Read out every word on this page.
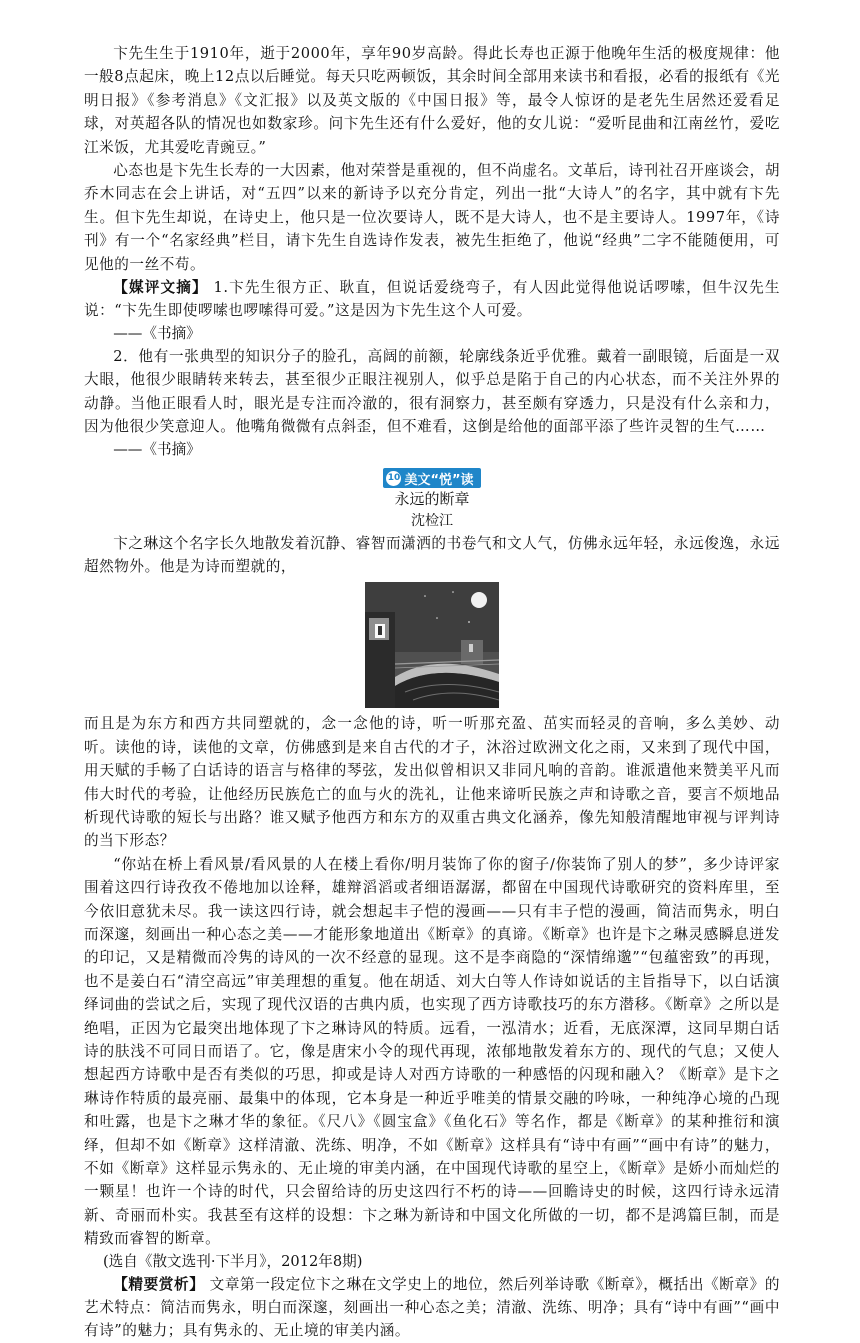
卞先生生于1910年，逝于2000年，享年90岁高龄。得此长寿也正源于他晚年生活的极度规律：他一般8点起床，晚上12点以后睡觉。每天只吃两顿饭，其余时间全部用来读书和看报，必看的报纸有《光明日报》《参考消息》《文汇报》以及英文版的《中国日报》等，最令人惊讶的是老先生居然还爱看足球，对英超各队的情况也如数家珍。问卞先生还有什么爱好，他的女儿说：“爱听昆曲和江南丝竹，爱吃江米饭，尤其爱吃青豌豆。”

心态也是卞先生长寿的一大因素，他对荣誉是重视的，但不尚虚名。文革后，诗刊社召开座谈会，胡乔木同志在会上讲话，对“五四”以来的新诗予以充分肯定，列出一批“大诗人”的名字，其中就有卞先生。但卞先生却说，在诗史上，他只是一位次要诗人，既不是大诗人，也不是主要诗人。1997年，《诗刊》有一个“名家经典”栏目，请卞先生自选诗作发表，被先生拒绝了，他说“经典”二字不能随便用，可见他的一丝不苟。

【媒评文摘】 1.卞先生很方正、耿直，但说话爱绕弯子，有人因此觉得他说话啰嗦，但牛汉先生说：“卞先生即使啰嗦也啰嗦得可爱。”这是因为卞先生这个人可爱。

——《书摘》

2．他有一张典型的知识分子的脸孔，高阔的前额，轮廓线条近乎优雅。戴着一副眼镜，后面是一双大眼，他很少眼睛转来转去，甚至很少正眼注视别人，似乎总是陷于自己的内心状态，而不关注外界的动静。当他正眼看人时，眼光是专注而冷澈的，很有洞察力，甚至颇有穿透力，只是没有什么亲和力，因为他很少笑意迎人。他嘴角微微有点斜歪，但不难看，这倒是给他的面部平添了些许灵智的生气……

——《书摘》
10 美文“悦”读
永远的断章
沈检江

卞之琳这个名字长久地散发着沉静、睿智而潇洒的书卷气和文人气，仿佛永远年轻，永远俊逸，永远超然物外。他是为诗而塑就的，

而且是为东方和西方共同塑就的，念一念他的诗，听一听那充盈、茁实而轻灵的音响，多么美妙、动听。读他的诗，读他的文章，仿佛感到是来自古代的才子，沐浴过欧洲文化之雨，又来到了现代中国，用天赋的手畅了白话诗的语言与格律的琴弦，发出似曾相识又非同凡响的音韵。谁派遣他来赞美平凡而伟大时代的考验，让他经历民族危亡的血与火的洗礼，让他来谛听民族之声和诗歌之音，要言不烦地品析现代诗歌的短长与出路？谁又赋予他西方和东方的双重古典文化涵养，像先知般清醒地审视与评判诗的当下形态？

“你站在桥上看风景/看风景的人在楼上看你/明月装饰了你的窗子/你装饰了别人的梦”，多少诗评家围着这四行诗孜孜不倦地加以诠释，雄辩滔滔或者细语潺潺，都留在中国现代诗歌研究的资料库里，至今依旧意犹未尽。我一读这四行诗，就会想起丰子恺的漫画——只有丰子恺的漫画，简洁而隽永，明白而深邃，刻画出一种心态之美——才能形象地道出《断章》的真谛。《断章》也许是卞之琳灵感瞬息迸发的印记，又是精微而冷隽的诗风的一次不经意的显现。这不是李商隐的“深情绵邈”“包蕴密致”的再现，也不是姜白石“清空高远”审美理想的重复。他在胡适、刘大白等人作诗如说话的主旨指导下，以白话演绎词曲的尝试之后，实现了现代汉语的古典内质，也实现了西方诗歌技巧的东方潜移。《断章》之所以是绝唱，正因为它最突出地体现了卞之琳诗风的特质。远看，一泓清水；近看，无底深潭，这同早期白话诗的肤浅不可同日而语了。它，像是唐宋小令的现代再现，浓郁地散发着东方的、现代的气息；又使人想起西方诗歌中是否有类似的巧思，抑或是诗人对西方诗歌的一种感悟的闪现和融入？《断章》是卞之琳诗作特质的最亮丽、最集中的体现，它本身是一种近乎唯美的情景交融的吟咏，一种纯净心境的凸现和吐露，也是卞之琳才华的象征。《尺八》《圆宝盒》《鱼化石》等名作，都是《断章》的某种推衍和演绎，但却不如《断章》这样清澈、洗练、明净，不如《断章》这样具有“诗中有画”“画中有诗”的魅力，不如《断章》这样显示隽永的、无止境的审美内涵，在中国现代诗歌的星空上，《断章》是娇小而灿烂的一颗星！也许一个诗的时代，只会留给诗的历史这四行不朽的诗——回瞻诗史的时候，这四行诗永远清新、奇丽而朴实。我甚至有这样的设想：卞之琳为新诗和中国文化所做的一切，都不是鸿篇巨制，而是精致而睿智的断章。

(选自《散文选刊·下半月》，2012年8期)

【精要赏析】 文章第一段定位卞之琳在文学史上的地位，然后列举诗歌《断章》，概括出《断章》的艺术特点：简洁而隽永，明白而深邃，刻画出一种心态之美；清澈、洗练、明净；具有“诗中有画”“画中有诗”的魅力；具有隽永的、无止境的审美内涵。
